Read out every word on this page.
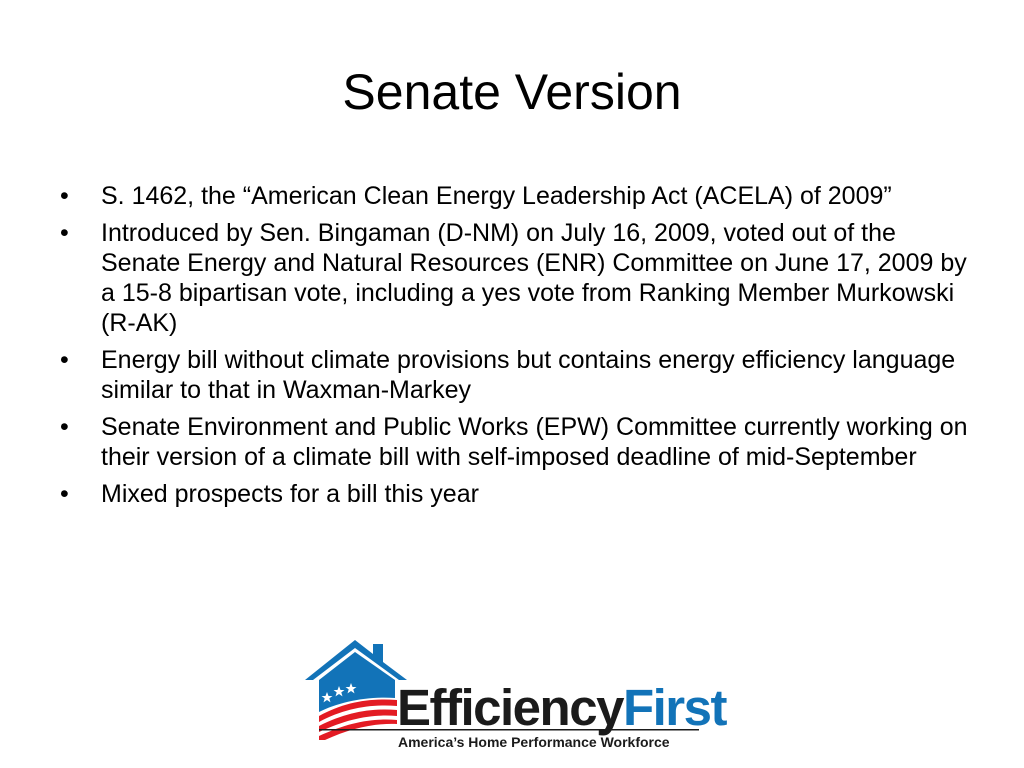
Senate Version
•	S. 1462, the “American Clean Energy Leadership Act (ACELA) of 2009”
•	Introduced by Sen. Bingaman (D-NM) on July 16, 2009, voted out of the Senate Energy and Natural Resources (ENR) Committee on June 17, 2009 by a 15-8 bipartisan vote, including a yes vote from Ranking Member Murkowski (R-AK)
•	Energy bill without climate provisions but contains energy efficiency language similar to that in Waxman-Markey
•	Senate Environment and Public Works (EPW) Committee currently working on their version of a climate bill with self-imposed deadline of mid-September
•	Mixed prospects for a bill this year
EfficiencyFirst
America’s Home Performance Workforce
